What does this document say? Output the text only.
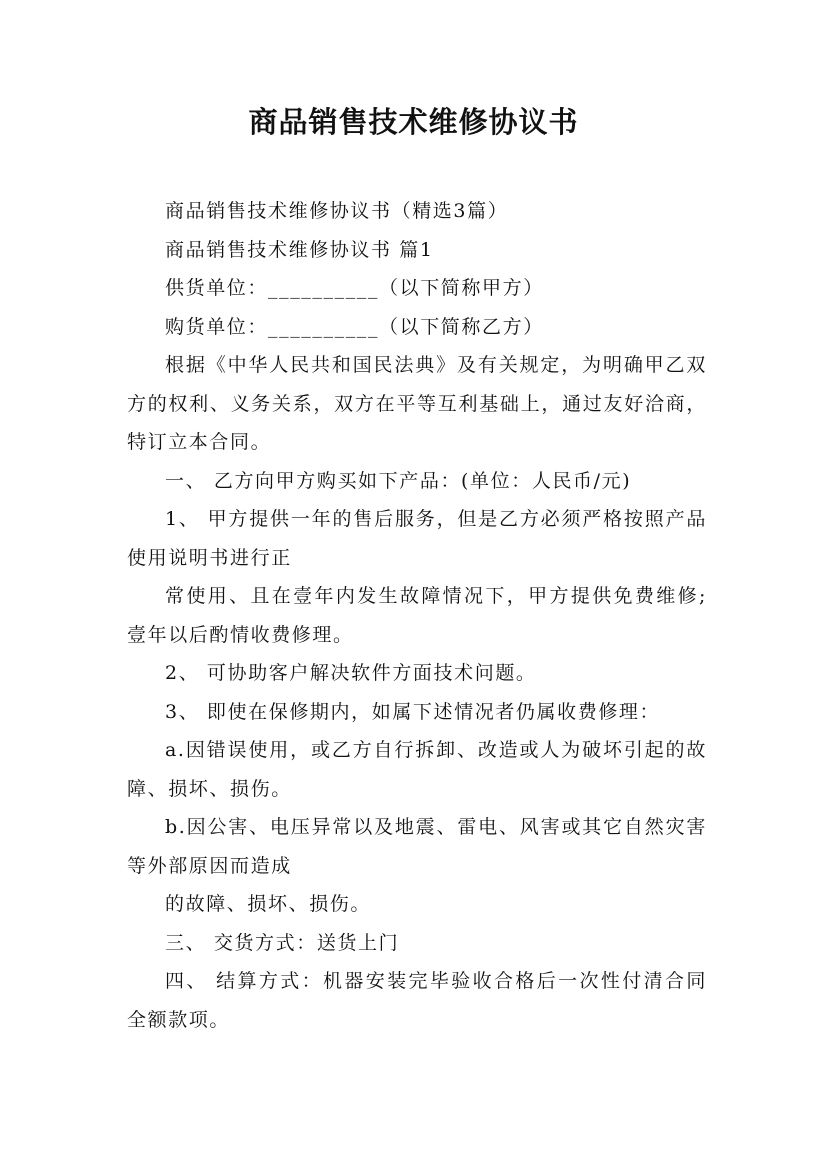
商品销售技术维修协议书

商品销售技术维修协议书（精选3篇）

商品销售技术维修协议书 篇1

供货单位：__________（以下简称甲方）

购货单位：__________（以下简称乙方）

根据《中华人民共和国民法典》及有关规定，为明确甲乙双方的权利、义务关系，双方在平等互利基础上，通过友好洽商，特订立本合同。

一、 乙方向甲方购买如下产品：(单位：人民币/元)

1、 甲方提供一年的售后服务，但是乙方必须严格按照产品使用说明书进行正

常使用、且在壹年内发生故障情况下，甲方提供免费维修;壹年以后酌情收费修理。

2、 可协助客户解决软件方面技术问题。

3、 即使在保修期内，如属下述情况者仍属收费修理：

a.因错误使用，或乙方自行拆卸、改造或人为破坏引起的故障、损坏、损伤。

b.因公害、电压异常以及地震、雷电、风害或其它自然灾害等外部原因而造成

的故障、损坏、损伤。

三、 交货方式：送货上门

四、 结算方式：机器安装完毕验收合格后一次性付清合同全额款项。
